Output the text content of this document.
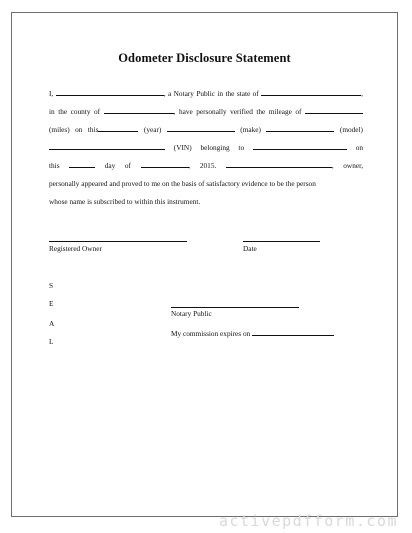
Odometer Disclosure Statement
I,	, a Notary Public in the state of	,
in the county of	, have personally verified the mileage of
(miles) on this	(year)	(make)	(model)
(VIN) belonging to	on
this	day of	, 2015.	, owner,
personally appeared and proved to me on the basis of satisfactory evidence to be the person
whose name is subscribed to within this instrument.
Registered Owner	Date
S
E
A
L
Notary Public
My commission expires on
activepdfform.com
